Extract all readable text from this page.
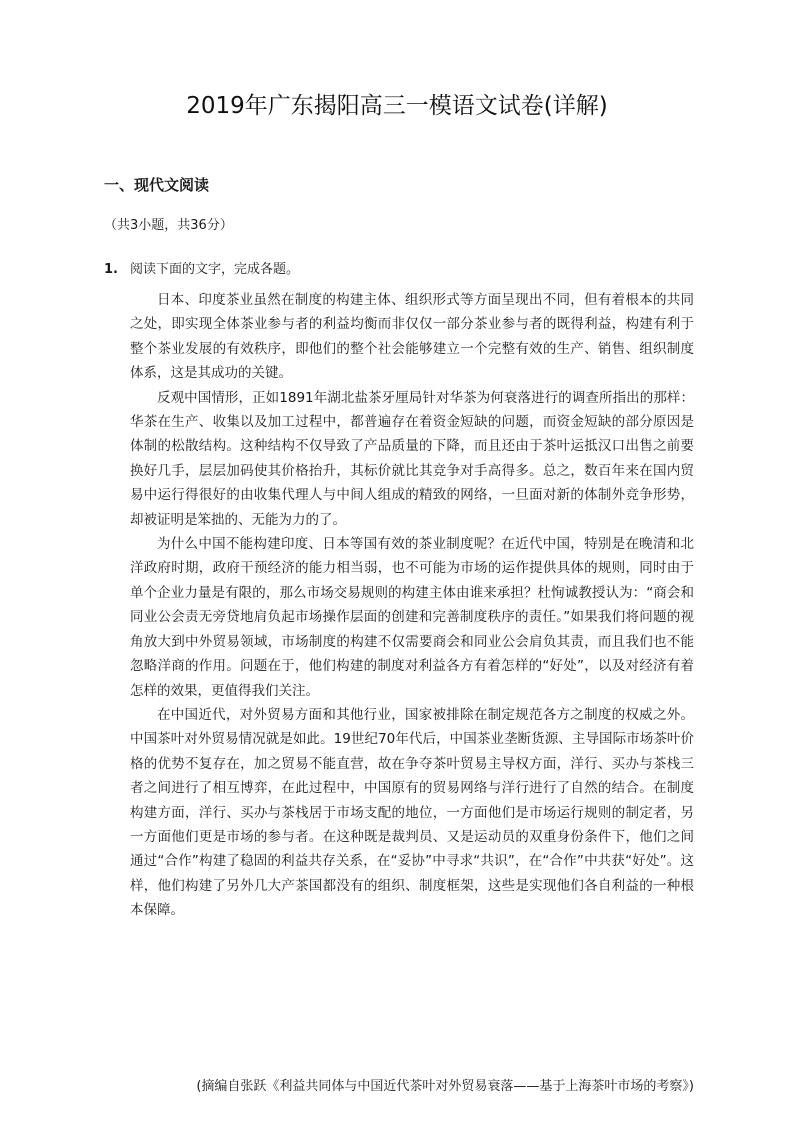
2019年广东揭阳高三一模语文试卷(详解)
一、现代文阅读
（共3小题，共36分）
1. 阅读下面的文字，完成各题。

日本、印度茶业虽然在制度的构建主体、组织形式等方面呈现出不同，但有着根本的共同之处，即实现全体茶业参与者的利益均衡而非仅仅一部分茶业参与者的既得利益，构建有利于整个茶业发展的有效秩序，即他们的整个社会能够建立一个完整有效的生产、销售、组织制度体系，这是其成功的关键。

反观中国情形，正如1891年湖北盐茶牙厘局针对华茶为何衰落进行的调查所指出的那样：华茶在生产、收集以及加工过程中，都普遍存在着资金短缺的问题，而资金短缺的部分原因是体制的松散结构。这种结构不仅导致了产品质量的下降，而且还由于茶叶运抵汉口出售之前要换好几手，层层加码使其价格抬升，其标价就比其竞争对手高得多。总之，数百年来在国内贸易中运行得很好的由收集代理人与中间人组成的精致的网络，一旦面对新的体制外竞争形势，却被证明是笨拙的、无能为力的了。

为什么中国不能构建印度、日本等国有效的茶业制度呢？在近代中国，特别是在晚清和北洋政府时期，政府干预经济的能力相当弱，也不可能为市场的运作提供具体的规则，同时由于单个企业力量是有限的，那么市场交易规则的构建主体由谁来承担？杜恂诚教授认为：“商会和同业公会责无旁贷地肩负起市场操作层面的创建和完善制度秩序的责任。”如果我们将问题的视角放大到中外贸易领域，市场制度的构建不仅需要商会和同业公会肩负其责，而且我们也不能忽略洋商的作用。问题在于，他们构建的制度对利益各方有着怎样的“好处”，以及对经济有着怎样的效果，更值得我们关注。

在中国近代，对外贸易方面和其他行业，国家被排除在制定规范各方之制度的权威之外。中国茶叶对外贸易情况就是如此。19世纪70年代后，中国茶业垄断货源、主导国际市场茶叶价格的优势不复存在，加之贸易不能直营，故在争夺茶叶贸易主导权方面，洋行、买办与茶栈三者之间进行了相互博弈，在此过程中，中国原有的贸易网络与洋行进行了自然的结合。在制度构建方面，洋行、买办与茶栈居于市场支配的地位，一方面他们是市场运行规则的制定者，另一方面他们更是市场的参与者。在这种既是裁判员、又是运动员的双重身份条件下，他们之间通过“合作”构建了稳固的利益共存关系，在“妥协”中寻求“共识”，在“合作”中共获“好处”。这样，他们构建了另外几大产茶国都没有的组织、制度框架，这些是实现他们各自利益的一种根本保障。

(摘编自张跃《利益共同体与中国近代茶叶对外贸易衰落——基于上海茶叶市场的考察》)
